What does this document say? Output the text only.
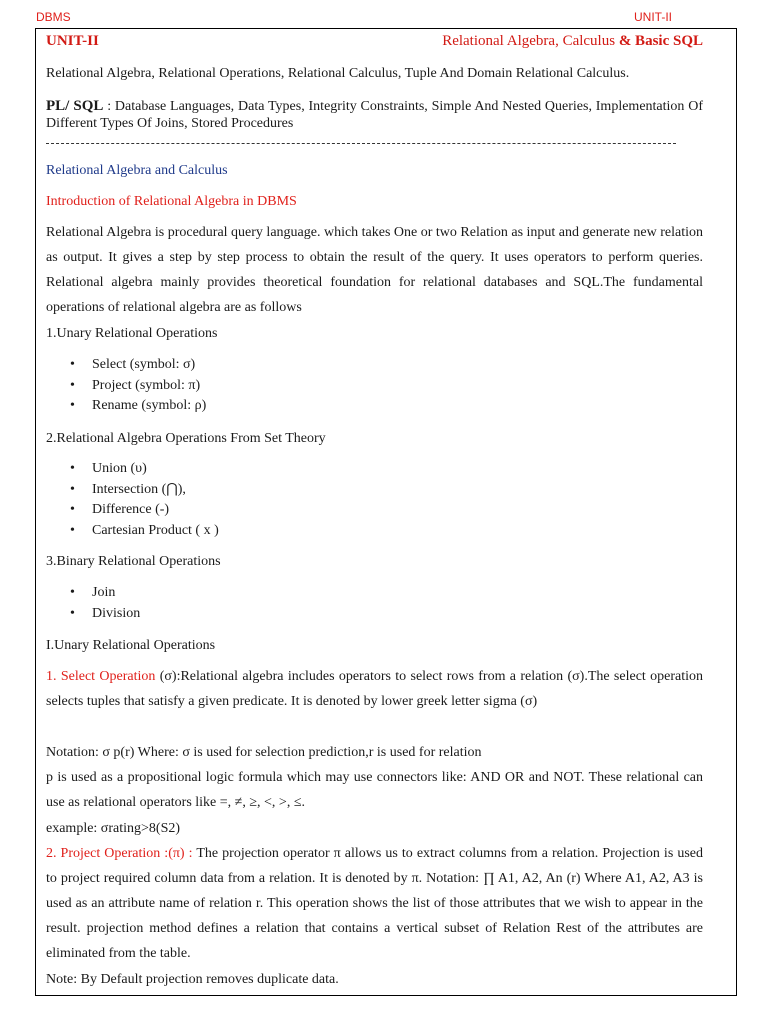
DBMS	UNIT-II
UNIT-II	Relational Algebra, Calculus & Basic SQL
Relational Algebra, Relational Operations, Relational Calculus, Tuple And Domain Relational Calculus.
PL/ SQL : Database Languages, Data Types, Integrity Constraints, Simple And Nested Queries, Implementation Of Different Types Of Joins, Stored Procedures
Relational Algebra and Calculus
Introduction of Relational Algebra in DBMS
Relational Algebra is procedural query language. which takes One or two Relation as input and generate new relation as output. It gives a step by step process to obtain the result of the query. It uses operators to perform queries. Relational algebra mainly provides theoretical foundation for relational databases and SQL.The fundamental operations of relational algebra are as follows
1.Unary Relational Operations
• Select (symbol: σ)
• Project (symbol: π)
• Rename (symbol: ρ)
2.Relational Algebra Operations From Set Theory
• Union (υ)
• Intersection (⋂),
• Difference (-)
• Cartesian Product ( x )
3.Binary Relational Operations
• Join
• Division
I.Unary Relational Operations
1. Select Operation (σ):Relational algebra includes operators to select rows from a relation (σ).The select operation selects tuples that satisfy a given predicate. It is denoted by lower greek letter sigma (σ)
Notation: σ p(r) Where: σ is used for selection prediction,r is used for relation
p is used as a propositional logic formula which may use connectors like: AND OR and NOT. These relational can use as relational operators like =, ≠, ≥, <, >, ≤.
example: σrating>8(S2)
2. Project Operation :(π) : The projection operator π allows us to extract columns from a relation. Projection is used to project required column data from a relation. It is denoted by π. Notation: ∏ A1, A2, An (r) Where A1, A2, A3 is used as an attribute name of relation r. This operation shows the list of those attributes that we wish to appear in the result. projection method defines a relation that contains a vertical subset of Relation Rest of the attributes are eliminated from the table.
Note: By Default projection removes duplicate data.
